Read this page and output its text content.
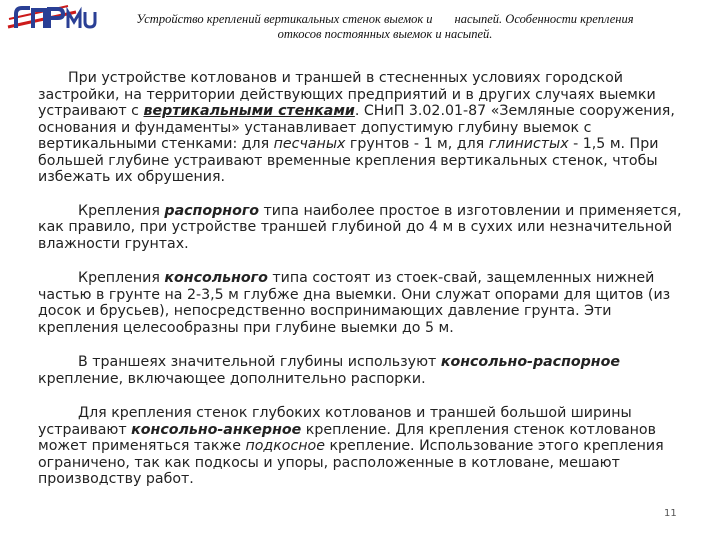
Устройство креплений вертикальных стенок выемок и насыпей. Особенности крепления
откосов постоянных выемок и насыпей.

При устройстве котлованов и траншей в стесненных условиях городской застройки, на территории действующих предприятий и в других случаях выемки устраивают с вертикальными стенками. СНиП 3.02.01-87 «Земляные сооружения, основания и фундаменты» устанавливает допустимую глубину выемок с вертикальными стенками: для песчаных грунтов - 1 м, для глинистых - 1,5 м. При большей глубине устраивают временные крепления вертикальных стенок, чтобы избежать их обрушения.

Крепления распорного типа наиболее простое в изготовлении и применяется, как правило, при устройстве траншей глубиной до 4 м в сухих или незначительной влажности грунтах.

Крепления консольного типа состоят из стоек-свай, защемленных нижней частью в грунте на 2-3,5 м глубже дна выемки. Они служат опорами для щитов (из досок и брусьев), непосредственно воспринимающих давление грунта. Эти крепления целесообразны при глубине выемки до 5 м.

В траншеях значительной глубины используют консольно-распорное крепление, включающее дополнительно распорки.

Для крепления стенок глубоких котлованов и траншей большой ширины устраивают консольно-анкерное крепление. Для крепления стенок котлованов может применяться также подкосное крепление. Использование этого крепления ограничено, так как подкосы и упоры, расположенные в котловане, мешают производству работ.

11
